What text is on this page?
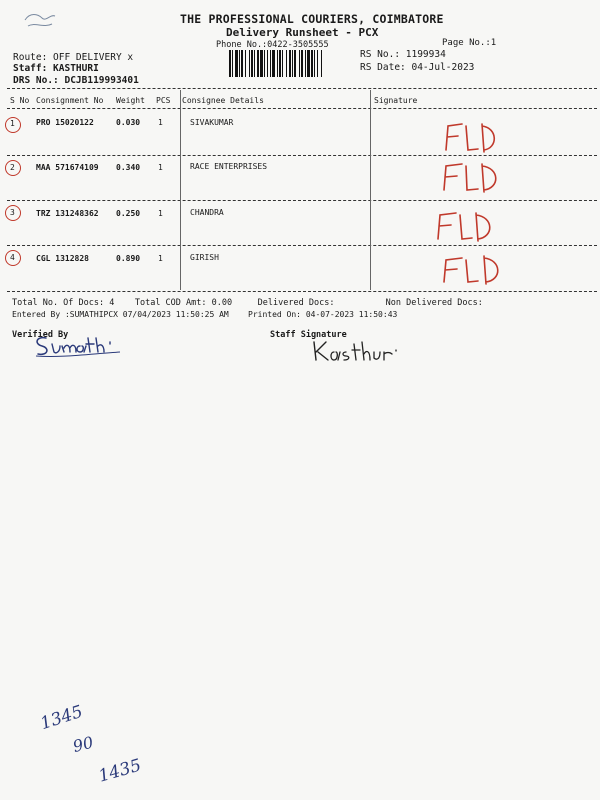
THE PROFESSIONAL COURIERS, COIMBATORE
Delivery Runsheet - PCX
Phone No.:0422-3505555	Page No.:1
RS No.: 1199934
RS Date: 04-Jul-2023
Route: OFF DELIVERY x
Staff: KASTHURI
DRS No.: DCJB119993401
S No Consignment No Weight PCS Consignee Details	Signature
1	PRO 15020122	0.030 1	SIVAKUMAR
2	MAA 571674109 0.340 1	RACE ENTERPRISES
3	TRZ 131248362 0.250 1	CHANDRA
4	CGL 1312828	0.890 1	GIRISH
Total No. Of Docs: 4 Total COD Amt: 0.00	Delivered Docs:	Non Delivered Docs:
Entered By :SUMATHIPCX 07/04/2023 11:50:25 AM Printed On: 04-07-2023 11:50:43
Verified By	Staff Signature
1345
90
1435
